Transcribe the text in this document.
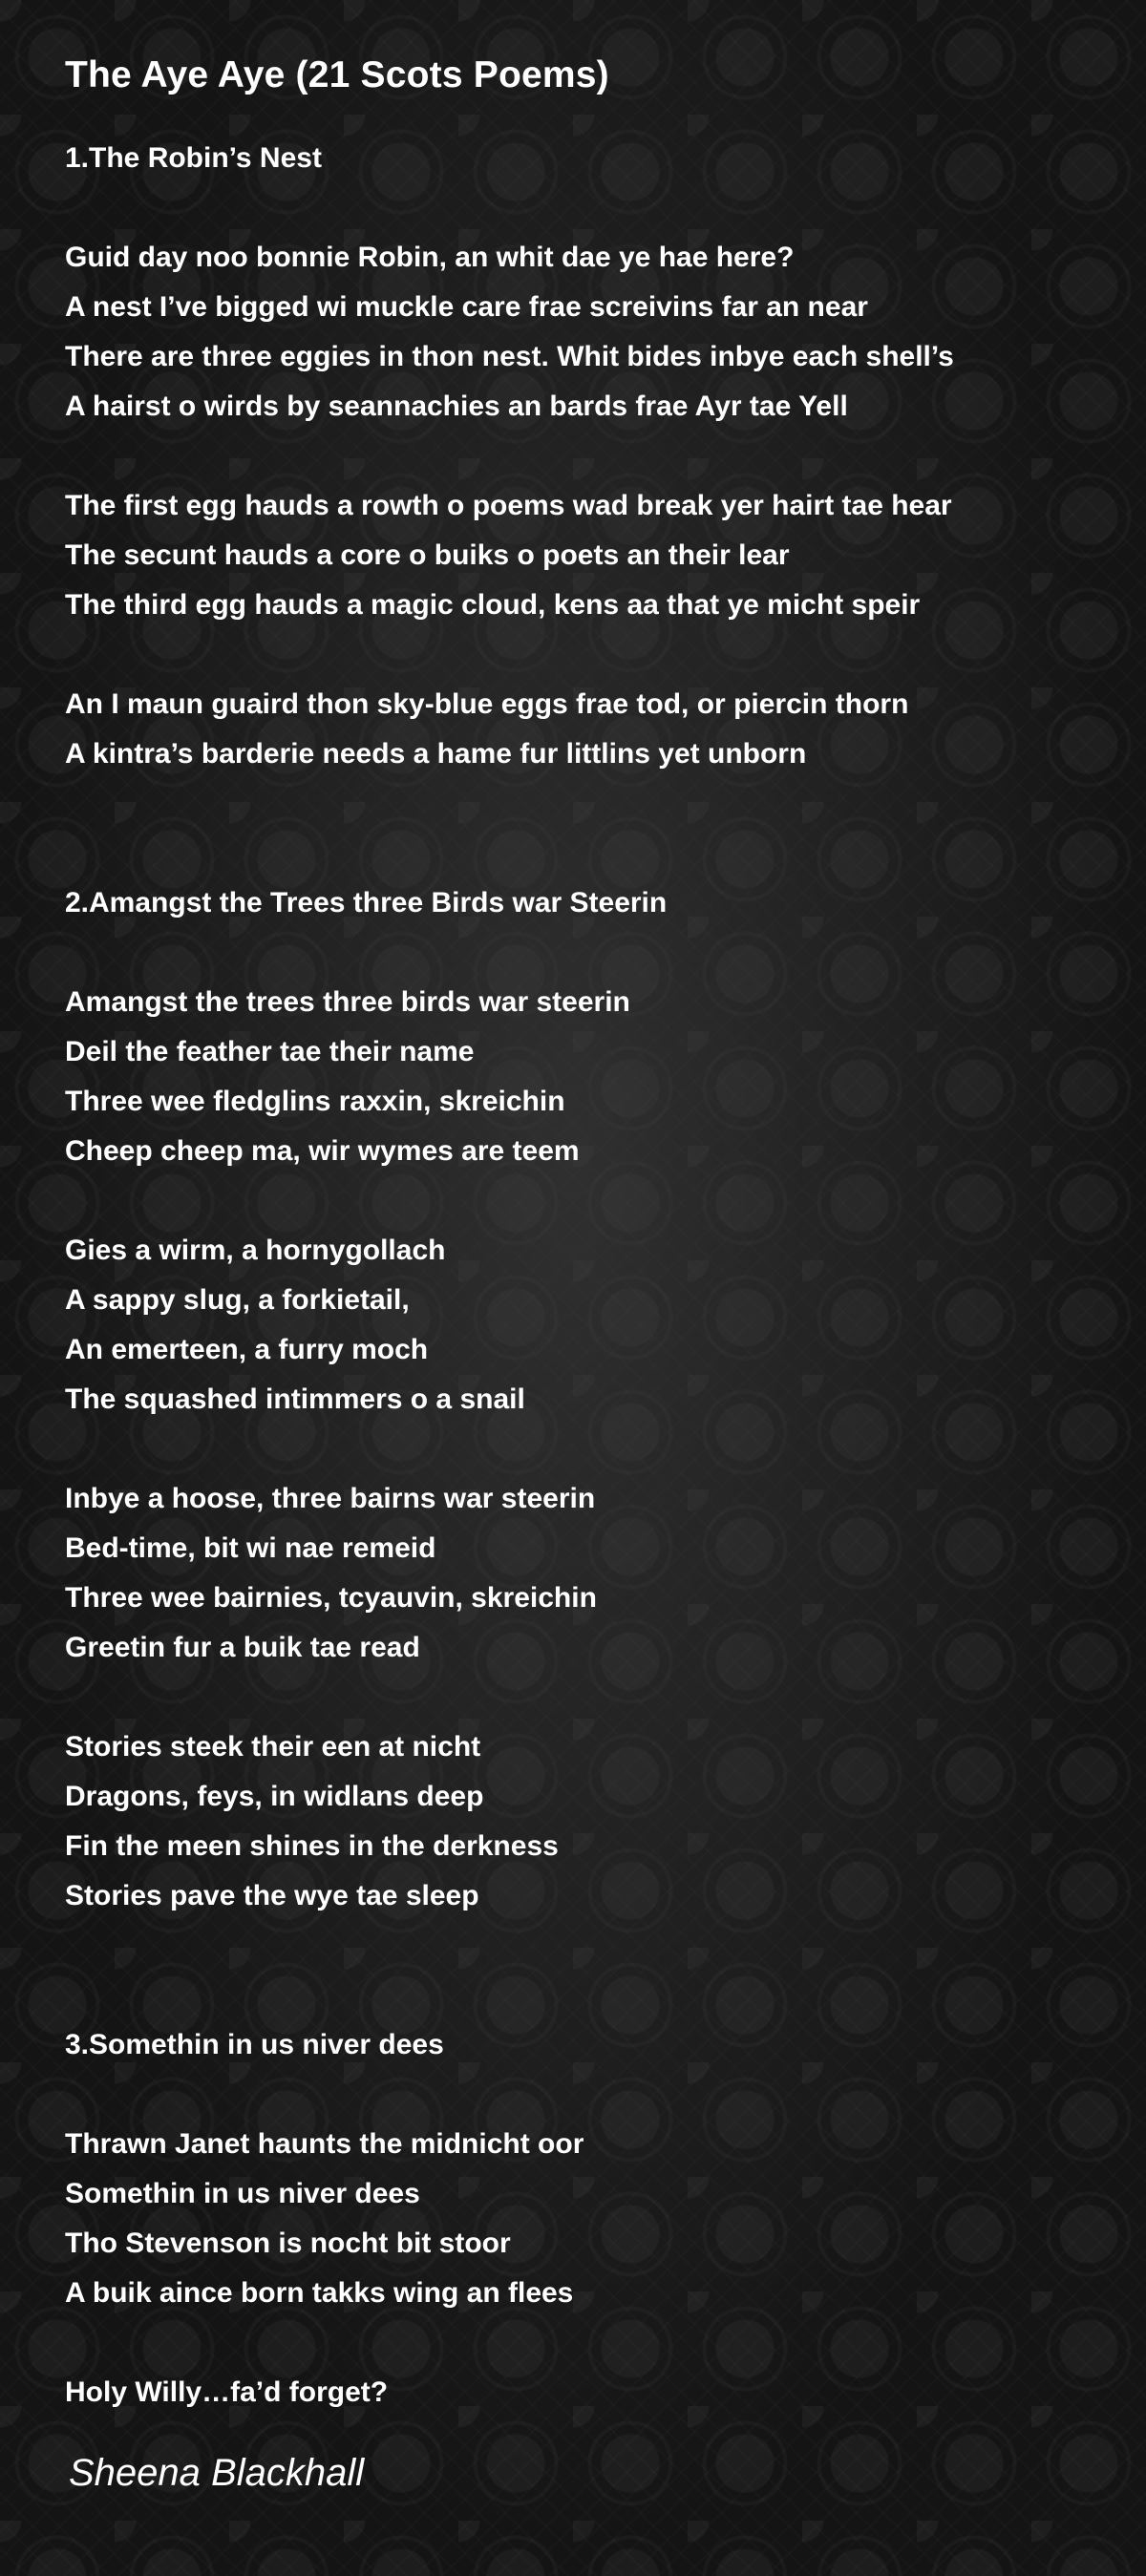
The Aye Aye (21 Scots Poems)
1.The Robin’s Nest
Guid day noo bonnie Robin, an whit dae ye hae here?
A nest I’ve bigged wi muckle care frae screivins far an near
There are three eggies in thon nest. Whit bides inbye each shell’s
A hairst o wirds by seannachies an bards frae Ayr tae Yell
The first egg hauds a rowth o poems wad break yer hairt tae hear
The secunt hauds a core o buiks o poets an their lear
The third egg hauds a magic cloud, kens aa that ye micht speir
An I maun guaird thon sky-blue eggs frae tod, or piercin thorn
A kintra’s barderie needs a hame fur littlins yet unborn
2.Amangst the Trees three Birds war Steerin
Amangst the trees three birds war steerin
Deil the feather tae their name
Three wee fledglins raxxin, skreichin
Cheep cheep ma, wir wymes are teem
Gies a wirm, a hornygollach
A sappy slug, a forkietail,
An emerteen, a furry moch
The squashed intimmers o a snail
Inbye a hoose, three bairns war steerin
Bed-time, bit wi nae remeid
Three wee bairnies, tcyauvin, skreichin
Greetin fur a buik tae read
Stories steek their een at nicht
Dragons, feys, in widlans deep
Fin the meen shines in the derkness
Stories pave the wye tae sleep
3.Somethin in us niver dees
Thrawn Janet haunts the midnicht oor
Somethin in us niver dees
Tho Stevenson is nocht bit stoor
A buik aince born takks wing an flees
Holy Willy…fa’d forget?
Sheena Blackhall
